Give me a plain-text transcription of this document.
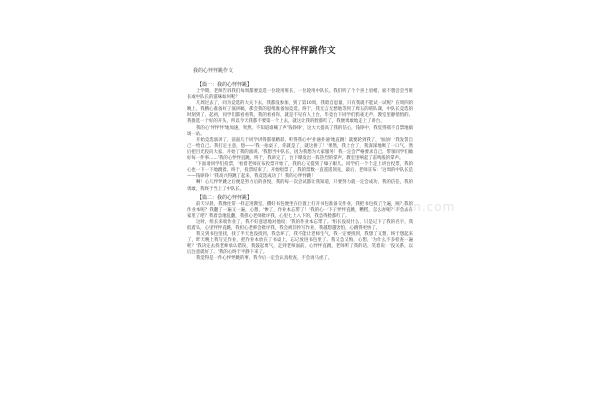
我的心怦怦跳作文
我的心怦怦跳作文
【篇一：我的心怦怦跳】

上学期，老师告诉我们每周都要竞选一位轮用班长，一位轮用中队长。我们听了个个喜上眉梢，谁不想尝尝当班长或中队长的滋味如何呢？

几周过去了，同为竞选的大关下去，我都没参加，到了第10周，我暗自思量，只有我就不能试一试呢？在周四的晚上，我精心准备好了演讲稿，那会我的思绪准备加竞选。终于，我无言无愁地等到了周五的班队课，中队长竞选的时刻到了，起初，同学们都看看我，我的看看你，就是不见有人上台，毕竟台下同学们鸦雀无声，教室里静悄悄的。我推选一个好的开头，所以今天我都不要第一个上去，就这让我的脸都红了，我便勇敢地走上了讲台。

我的心'怦怦怦'地加速，突然，不知道谁喊了声'钱铮铮'，这大大提高了我的信心，钱铮中，我觉得那不自禁地搞场一站。

开始竞选演讲了，前面几个同学讲得都很精彩，听得我心中'扑通扑通'地直跳！就要轮到我了，'加油！'我发誓自己一给自己。我打定主意，想——'我一拍桌子，你就是了，就这拼了！'果然，我上台了，我深深地吸了一口气，然后把目光投向大家，开始了我的演讲。'我想当中队长，因为我想为大家服务！我一定会严格要求自己，带领同学们做好每一件事……'我的心怦怦直跳，终于，我讲完了，台下爆发出一阵热烈的掌声，教室里响起了雷鸣般的掌声。

'下面请同学们投票，'看着老师宣布投票开始了，我的心又提到了嗓子眼儿。同学们一个个走上讲台投票，我的心也一下一下地跳着。终于，投票结束了，开始唱票了，我的票数一直遥遥领先，最后，老师宣布：'这周的中队长是——钱铮铮！'我高兴得跳了起来，我竞选成功了！我的心怦怦跳！

啊！心儿怦怦跳之后便是努力后的喜悦，我的每一次尝试都让我知道，只要努力就一定会成功，我的信任，我的勇敢，我终于当上了中队长。

【篇二：我的心怦怦跳】

前天早晨，我像往常一样走进教室，撂好书包便坐在位置上打开书包准备交作业，我把书包找了个遍，咦？我的作业本呢？我翻了一遍又一遍，心想，'惨了，作业本忘带了！'我的心一下子怦怦直跳，糟糕，怎么办呢？不会去在家里了吧？我着急地乱翻，我担心老师批评我，心里七上八下的，我急得脸都红了。

这时，组长来收作业了，我不好意思地对他说：'我的作业本忘带了。'组长没说什么，只是记下了我的名字。我低着头，心里怦怦直跳，我担心老师会批评我，我会被罚抄写作业，我越想越害怕，心跳得更快了。

我又到书包里找，找了半天也没找到，我急坏了，我不能让老师生气，我一定要找到，我想了又想，终于想起来了，昨天晚上我写完作业，把作业本放在了书桌上，忘记放进书包里了。我又急又悔，心想，'为什么不多检查一遍呢？'我决定去找老师承认错误，我鼓起勇气，走到老师面前，心怦怦直跳，老师听了我的话，笑着说：'没关系，以后注意就好了。'我的心终于平静下来了。

我觉得是一件心怦怦跳的事，我今后一定会认真检查，不会再马虎了。

ldocin.com
